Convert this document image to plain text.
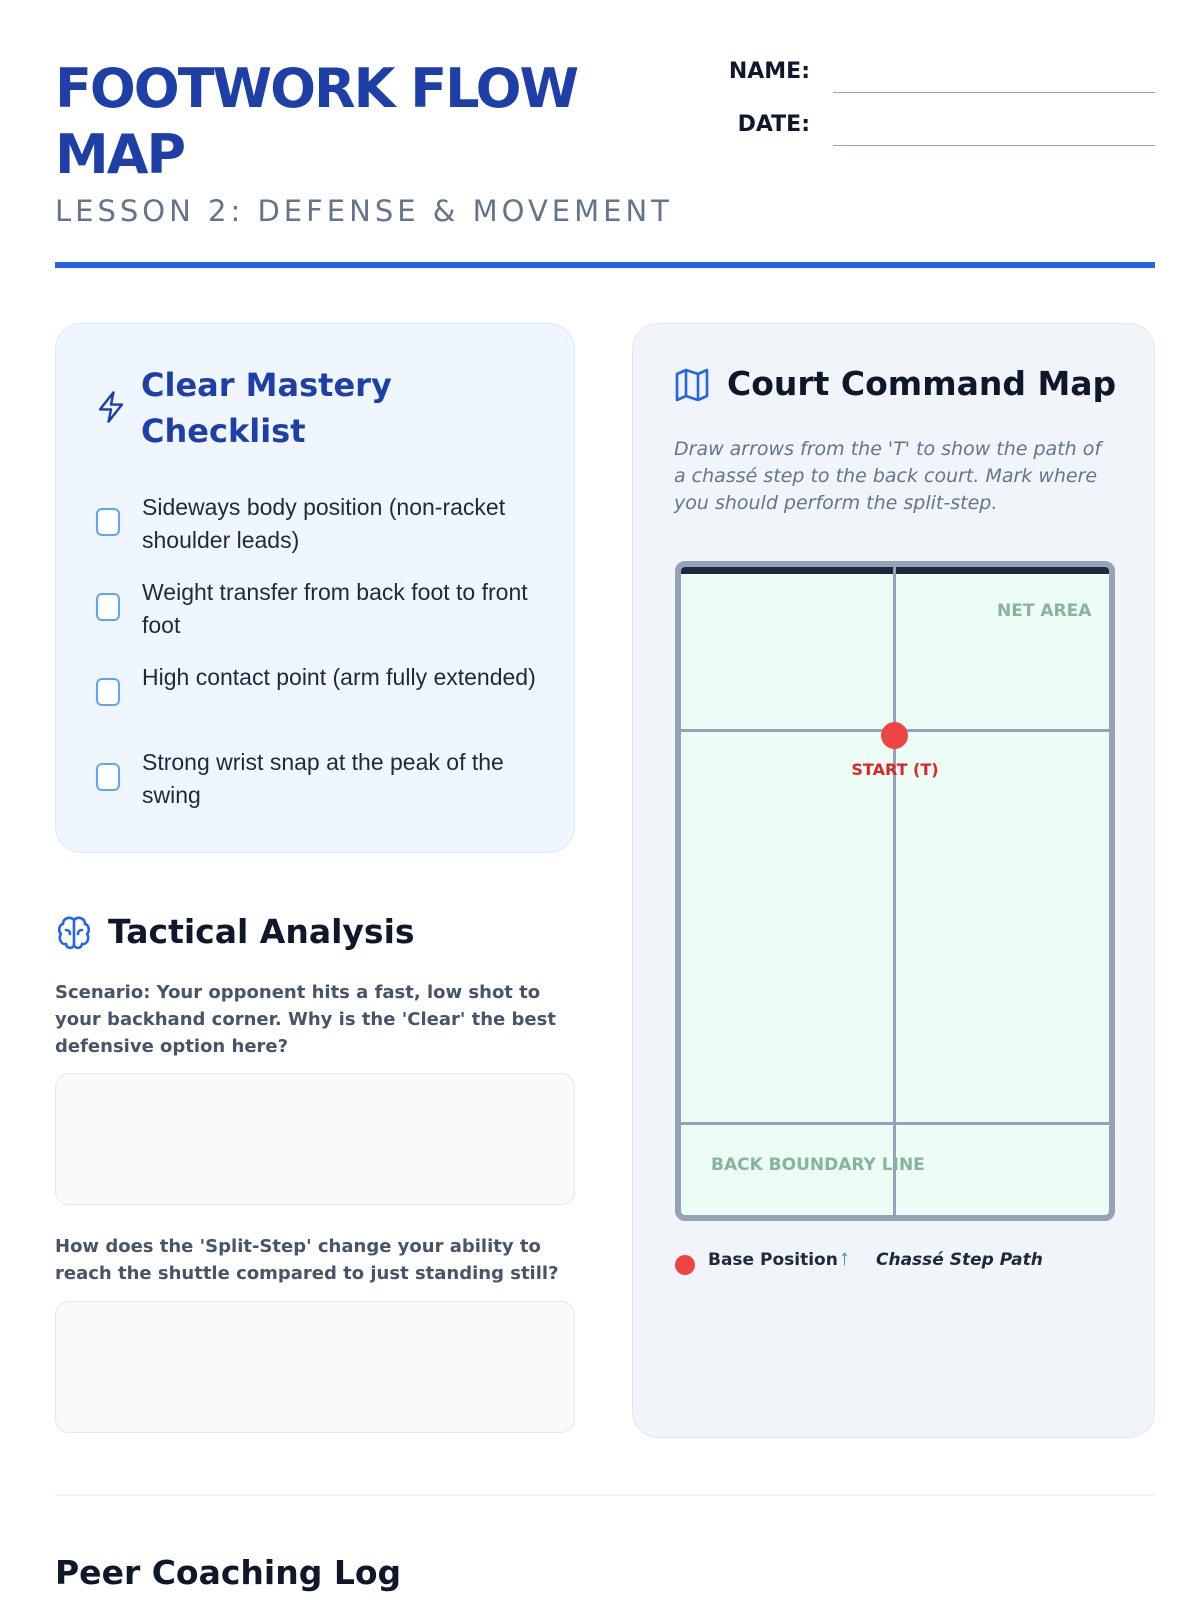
FOOTWORK FLOW MAP
LESSON 2: DEFENSE & MOVEMENT
NAME:
DATE:
Clear Mastery Checklist
Sideways body position (non-racket shoulder leads)
Weight transfer from back foot to front foot
High contact point (arm fully extended)
Strong wrist snap at the peak of the swing
Tactical Analysis
Scenario: Your opponent hits a fast, low shot to your backhand corner. Why is the 'Clear' the best defensive option here?
How does the 'Split-Step' change your ability to reach the shuttle compared to just standing still?
Court Command Map
Draw arrows from the 'T' to show the path of a chassé step to the back court. Mark where you should perform the split-step.
NET AREA
START (T)
BACK BOUNDARY LINE
Base Position ↑ Chassé Step Path
Peer Coaching Log
